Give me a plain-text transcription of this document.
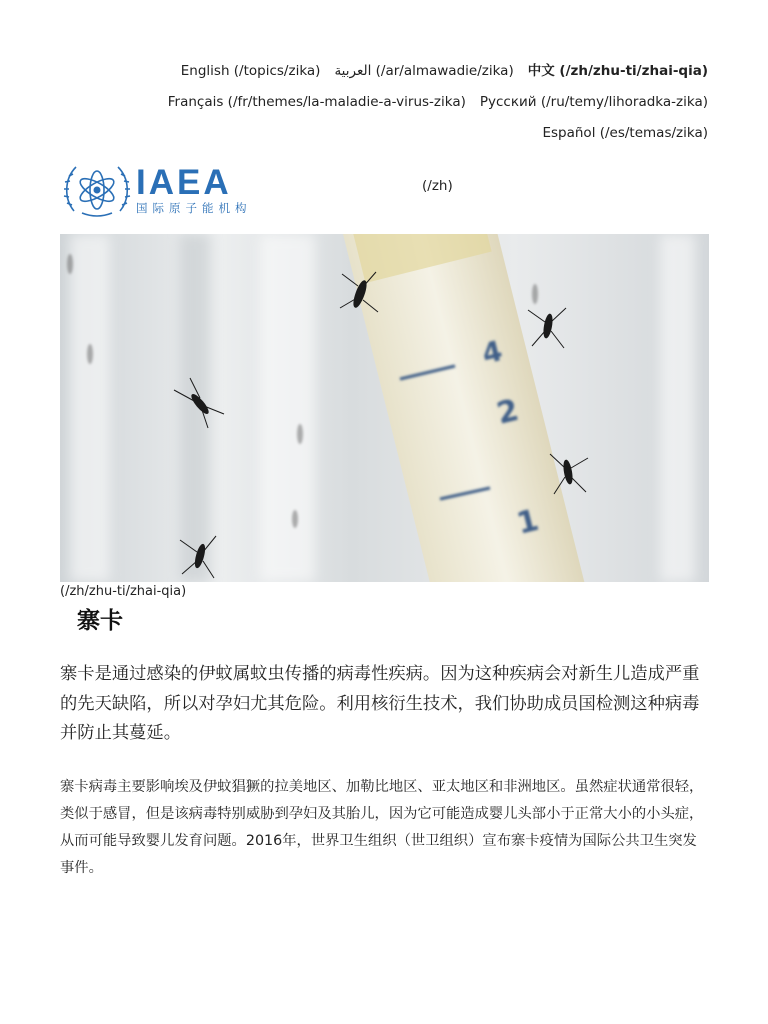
English (/topics/zika) العربية (/ar/almawadie/zika) 中文 (/zh/zhu-ti/zhai-qia)
Français (/fr/themes/la-maladie-a-virus-zika) Русский (/ru/temy/lihoradka-zika)
Español (/es/temas/zika)
IAEA
国际原子能机构
(/zh)
4
2
1
(/zh/zhu-ti/zhai-qia)
寨卡

寨卡是通过感染的伊蚊属蚊虫传播的病毒性疾病。因为这种疾病会对新生儿造成严重的先天缺陷，所以对孕妇尤其危险。利用核衍生技术，我们协助成员国检测这种病毒并防止其蔓延。

寨卡病毒主要影响埃及伊蚊猖獗的拉美地区、加勒比地区、亚太地区和非洲地区。虽然症状通常很轻，类似于感冒，但是该病毒特别威胁到孕妇及其胎儿，因为它可能造成婴儿头部小于正常大小的小头症，从而可能导致婴儿发育问题。2016年，世界卫生组织（世卫组织）宣布寨卡疫情为国际公共卫生突发事件。
